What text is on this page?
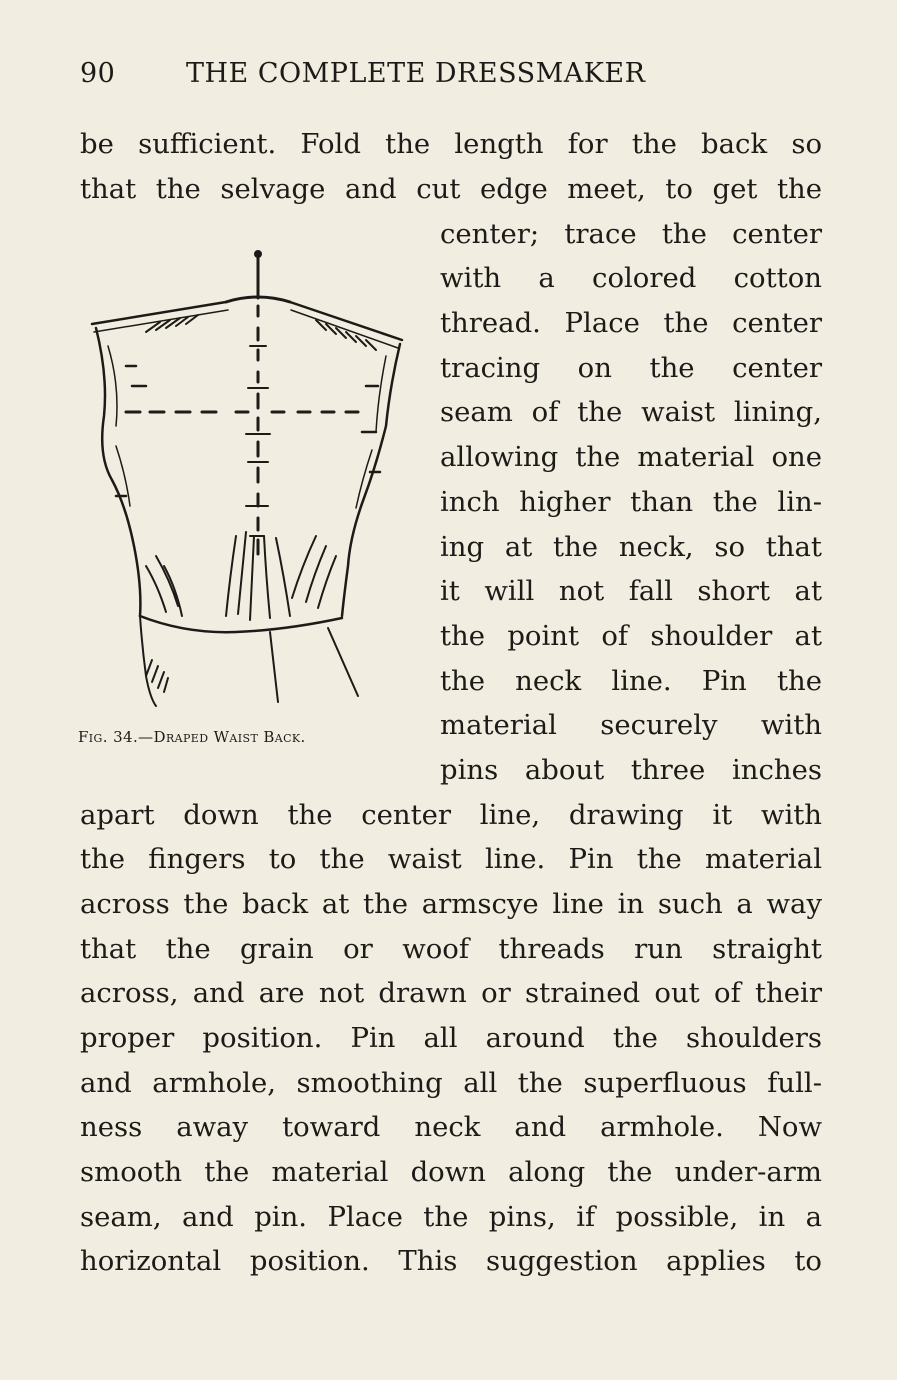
90	THE COMPLETE DRESSMAKER
be sufficient. Fold the length for the back so
that the selvage and cut edge meet, to get the
center; trace the center
with a colored cotton
thread. Place the center
tracing on the center
seam of the waist lining,
allowing the material one
inch higher than the lin-
ing at the neck, so that
it will not fall short at
the point of shoulder at
the neck line. Pin the
material securely with
pins about three inches
apart down the center line, drawing it with
the fingers to the waist line. Pin the material
across the back at the armscye line in such a way
that the grain or woof threads run straight
across, and are not drawn or strained out of their
proper position. Pin all around the shoulders
and armhole, smoothing all the superfluous full-
ness away toward neck and armhole. Now
smooth the material down along the under-arm
seam, and pin. Place the pins, if possible, in a
horizontal position. This suggestion applies to
Fig. 34.—Draped Waist Back.
